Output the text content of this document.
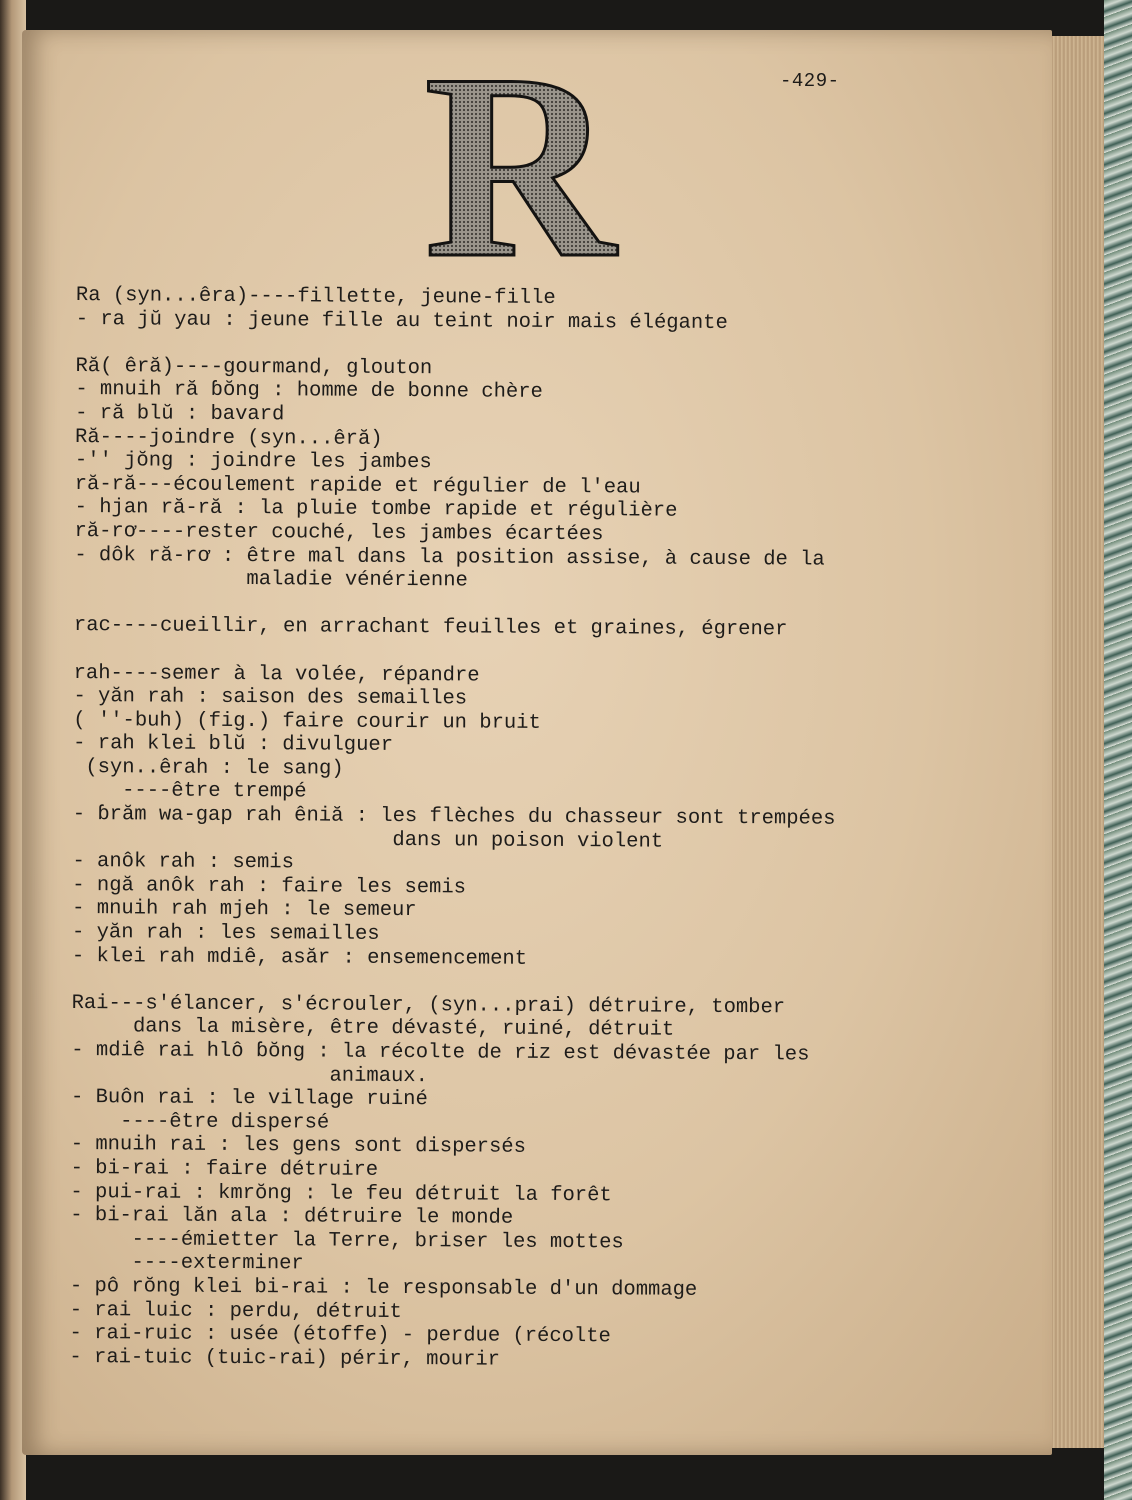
R	-429-
Ra (syn...êra)----fillette, jeune-fille
- ra jŭ yau : jeune fille au teint noir mais élégante
Ră( êră)----gourmand, glouton
- mnuih ră ɓŏng : homme de bonne chère
- ră blŭ : bavard
Ră----joindre (syn...êră)
-'' jŏng : joindre les jambes
ră-ră---écoulement rapide et régulier de l'eau
- hjan ră-ră : la pluie tombe rapide et régulière
ră-rơ----rester couché, les jambes écartées
- dôk ră-rơ : être mal dans la position assise, à cause de la
maladie vénérienne
rac----cueillir, en arrachant feuilles et graines, égrener
rah----semer à la volée, répandre
- yăn rah : saison des semailles
( ''-buh) (fig.) faire courir un bruit
- rah klei blŭ : divulguer
(syn..êrah : le sang)
----être trempé
- ɓrăm wa-gap rah êniă : les flèches du chasseur sont trempées
dans un poison violent
- anôk rah : semis
- ngă anôk rah : faire les semis
- mnuih rah mjeh : le semeur
- yăn rah : les semailles
- klei rah mdiê, asăr : ensemencement
Rai---s'élancer, s'écrouler, (syn...prai) détruire, tomber
dans la misère, être dévasté, ruiné, détruit
- mdiê rai hlô ɓŏng : la récolte de riz est dévastée par les
animaux.
- Buôn rai : le village ruiné
----être dispersé
- mnuih rai : les gens sont dispersés
- bi-rai : faire détruire
- pui-rai : kmrŏng : le feu détruit la forêt
- bi-rai lăn ala : détruire le monde
----émietter la Terre, briser les mottes
----exterminer
- pô rŏng klei bi-rai : le responsable d'un dommage
- rai luic : perdu, détruit
- rai-ruic : usée (étoffe) - perdue (récolte
- rai-tuic (tuic-rai) périr, mourir
